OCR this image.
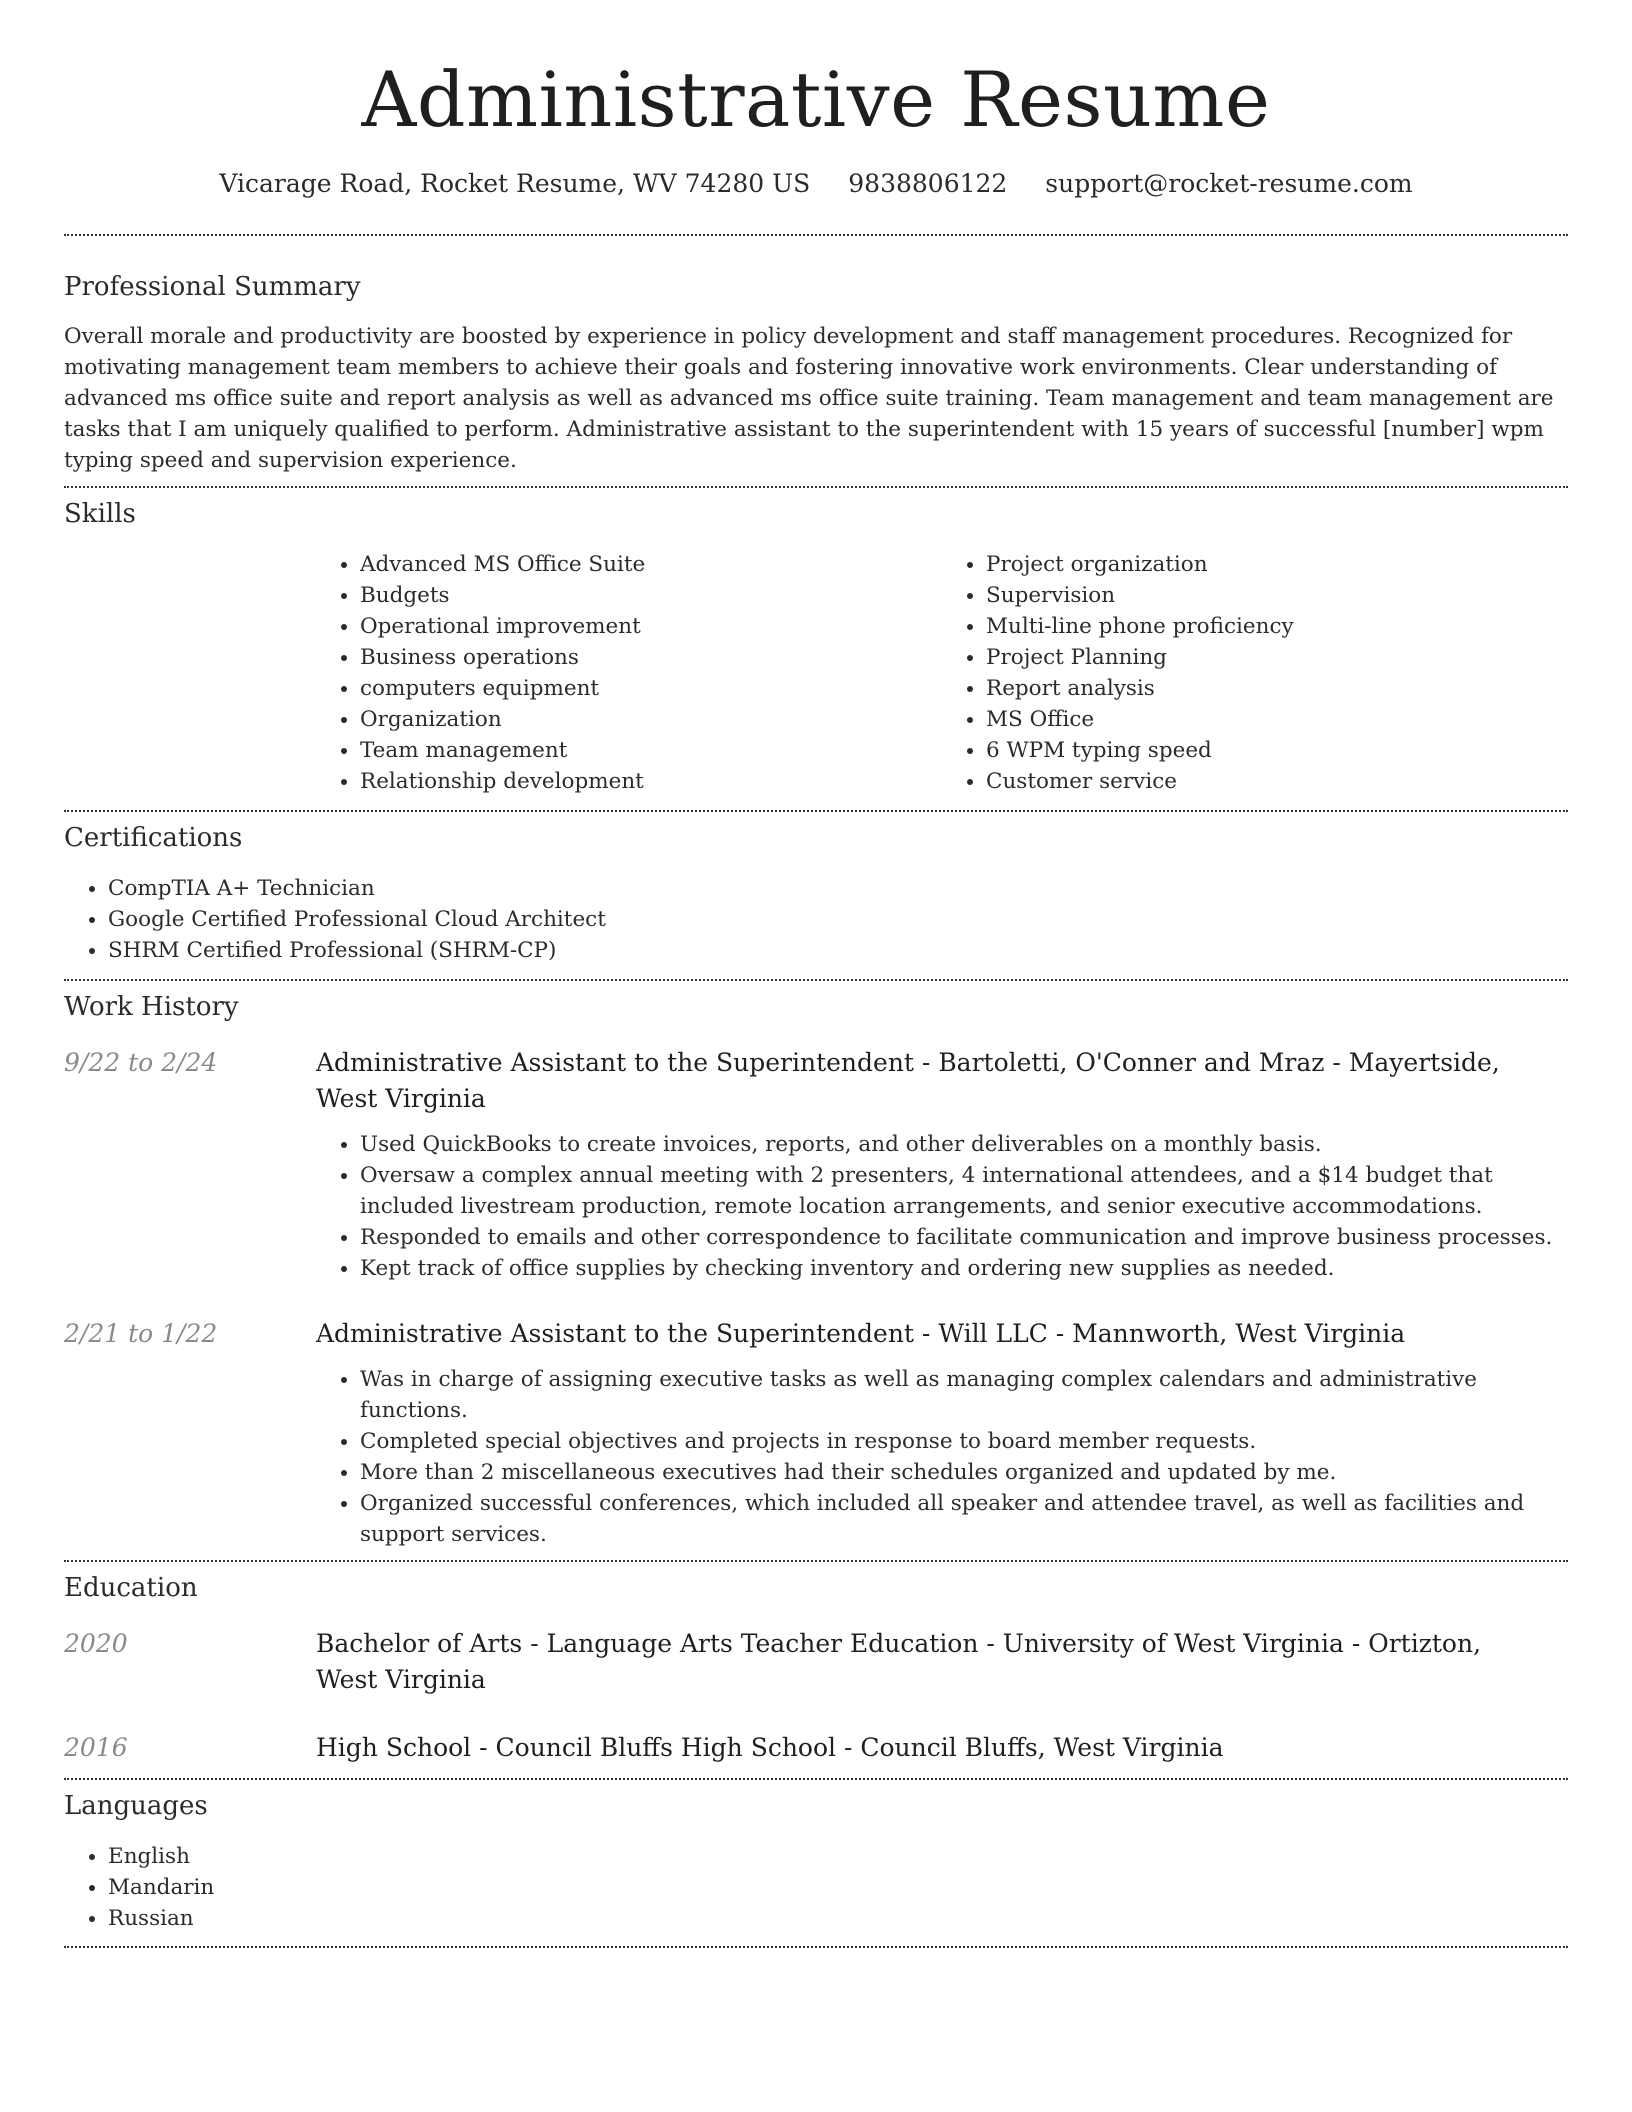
Administrative Resume
Vicarage Road, Rocket Resume, WV 74280 US 9838806122 support@rocket-resume.com
Professional Summary

Overall morale and productivity are boosted by experience in policy development and staff management procedures. Recognized for motivating management team members to achieve their goals and fostering innovative work environments. Clear understanding of advanced ms office suite and report analysis as well as advanced ms office suite training. Team management and team management are tasks that I am uniquely qualified to perform. Administrative assistant to the superintendent with 15 years of successful [number] wpm typing speed and supervision experience.

Skills
• Advanced MS Office Suite
• Budgets
• Operational improvement
• Business operations
• computers equipment
• Organization
• Team management
• Relationship development
• Project organization
• Supervision
• Multi-line phone proficiency
• Project Planning
• Report analysis
• MS Office
• 6 WPM typing speed
• Customer service
Certifications
• CompTIA A+ Technician
• Google Certified Professional Cloud Architect
• SHRM Certified Professional (SHRM-CP)
Work History
9/22 to 2/24	Administrative Assistant to the Superintendent - Bartoletti, O'Conner and Mraz - Mayertside, West Virginia

• Used QuickBooks to create invoices, reports, and other deliverables on a monthly basis.
• Oversaw a complex annual meeting with 2 presenters, 4 international attendees, and a $14 budget that included livestream production, remote location arrangements, and senior executive accommodations.
• Responded to emails and other correspondence to facilitate communication and improve business processes.
• Kept track of office supplies by checking inventory and ordering new supplies as needed.
2/21 to 1/22	Administrative Assistant to the Superintendent - Will LLC - Mannworth, West Virginia

• Was in charge of assigning executive tasks as well as managing complex calendars and administrative functions.
• Completed special objectives and projects in response to board member requests.
• More than 2 miscellaneous executives had their schedules organized and updated by me.
• Organized successful conferences, which included all speaker and attendee travel, as well as facilities and support services.
Education
2020	Bachelor of Arts - Language Arts Teacher Education - University of West Virginia - Ortizton, West Virginia

2016	High School - Council Bluffs High School - Council Bluffs, West Virginia

Languages
• English
• Mandarin
• Russian
